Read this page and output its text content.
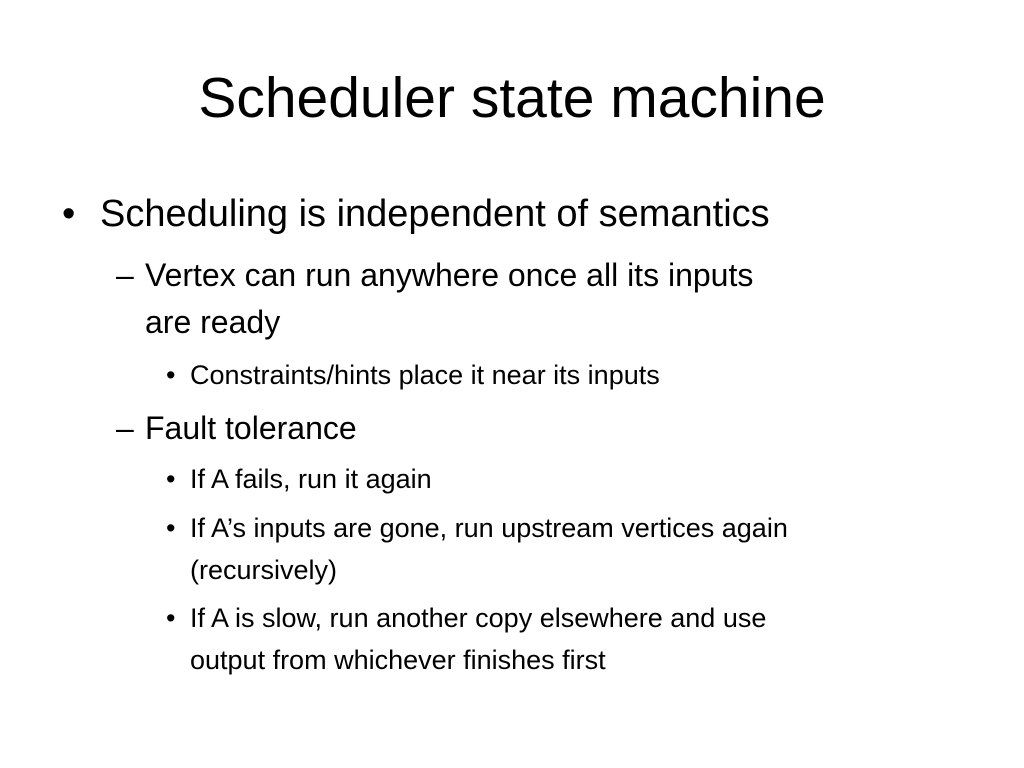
Scheduler state machine
• Scheduling is independent of semantics
– Vertex can run anywhere once all its inputs
are ready
• Constraints/hints place it near its inputs
– Fault tolerance
• If A fails, run it again
• If A’s inputs are gone, run upstream vertices again
(recursively)
• If A is slow, run another copy elsewhere and use
output from whichever finishes first
